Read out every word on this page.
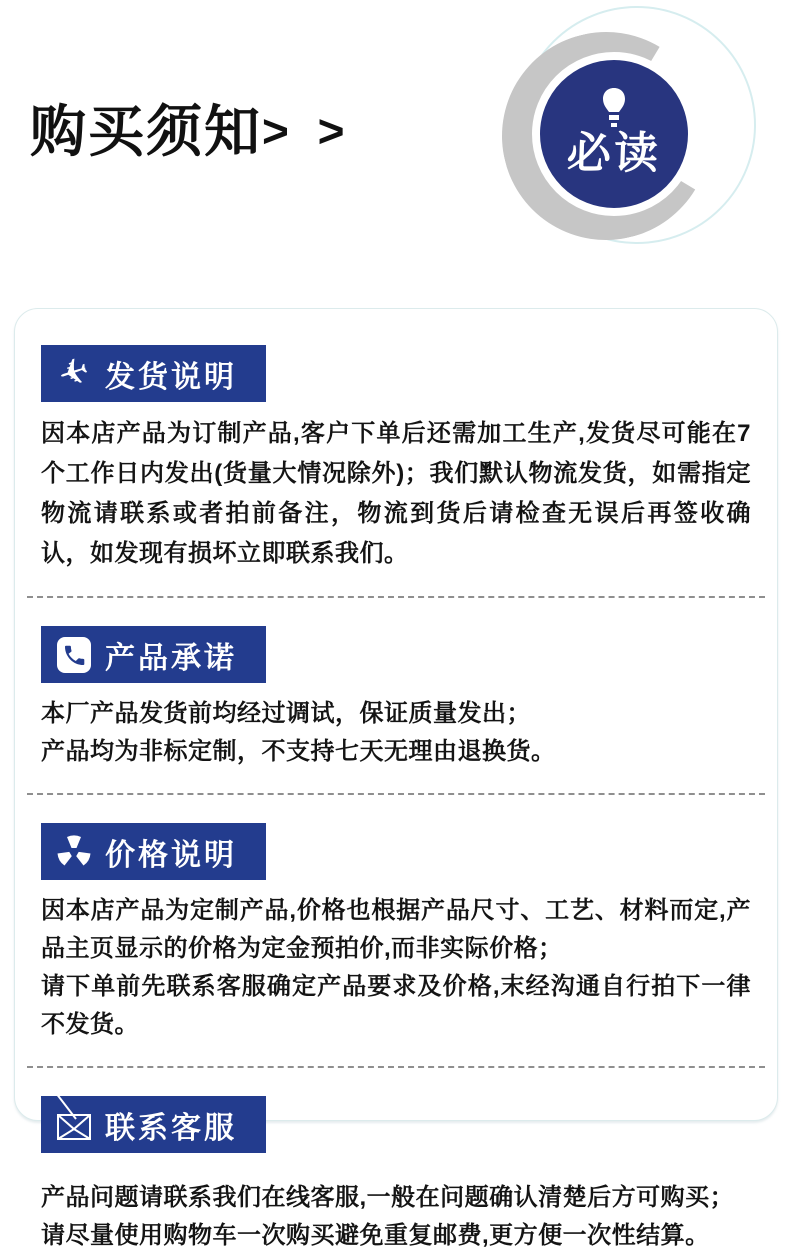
购买须知> >	必读
✈ 发货说明

因本店产品为订制产品,客户下单后还需加工生产,发货尽可能在7个工作日内发出(货量大情况除外)；我们默认物流发货，如需指定物流请联系或者拍前备注，物流到货后请检查无误后再签收确认，如发现有损坏立即联系我们。

产品承诺

本厂产品发货前均经过调试，保证质量发出；

产品均为非标定制，不支持七天无理由退换货。

价格说明

因本店产品为定制产品,价格也根据产品尺寸、工艺、材料而定,产品主页显示的价格为定金预拍价,而非实际价格；

请下单前先联系客服确定产品要求及价格,末经沟通自行拍下一律不发货。

联系客服

产品问题请联系我们在线客服,一般在问题确认清楚后方可购买；

请尽量使用购物车一次购买避免重复邮费,更方便一次性结算。
